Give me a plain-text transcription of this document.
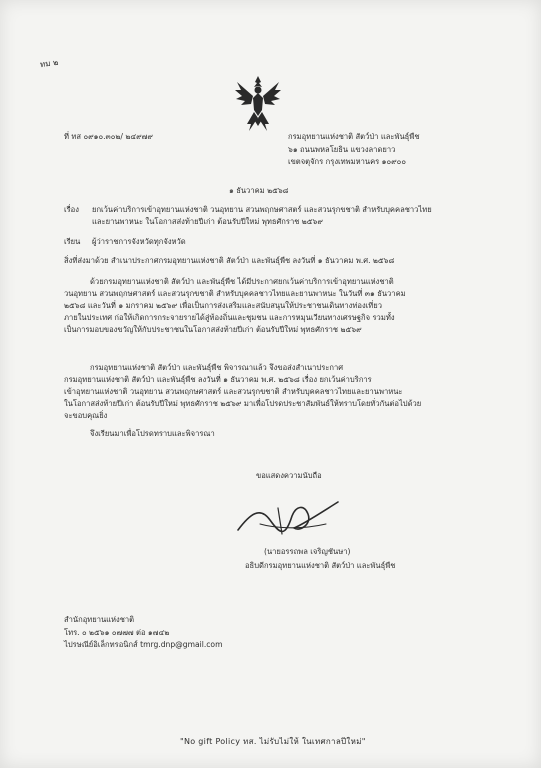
ทม ๒
ที่ ทส ๐๙๑๐.๓๐๒/ ๒๔๙๗๙	กรมอุทยานแห่งชาติ สัตว์ป่า และพันธุ์พืช
๖๑ ถนนพหลโยธิน แขวงลาดยาว
เขตจตุจักร กรุงเทพมหานคร ๑๐๙๐๐
๑ ธันวาคม ๒๕๖๘
เรื่อง ยกเว้นค่าบริการเข้าอุทยานแห่งชาติ วนอุทยาน สวนพฤกษศาสตร์ และสวนรุกขชาติ สำหรับบุคคลชาวไทย
และยานพาหนะ ในโอกาสส่งท้ายปีเก่า ต้อนรับปีใหม่ พุทธศักราช ๒๕๖๙
เรียน ผู้ว่าราชการจังหวัดทุกจังหวัด
สิ่งที่ส่งมาด้วย สำเนาประกาศกรมอุทยานแห่งชาติ สัตว์ป่า และพันธุ์พืช ลงวันที่ ๑ ธันวาคม พ.ศ. ๒๕๖๘
ด้วยกรมอุทยานแห่งชาติ สัตว์ป่า และพันธุ์พืช ได้มีประกาศยกเว้นค่าบริการเข้าอุทยานแห่งชาติ
วนอุทยาน สวนพฤกษศาสตร์ และสวนรุกขชาติ สำหรับบุคคลชาวไทยและยานพาหนะ ในวันที่ ๓๑ ธันวาคม
๒๕๖๘ และวันที่ ๑ มกราคม ๒๕๖๙ เพื่อเป็นการส่งเสริมและสนับสนุนให้ประชาชนเดินทางท่องเที่ยว
ภายในประเทศ ก่อให้เกิดการกระจายรายได้สู่ท้องถิ่นและชุมชน และการหมุนเวียนทางเศรษฐกิจ รวมทั้ง
เป็นการมอบของขวัญให้กับประชาชนในโอกาสส่งท้ายปีเก่า ต้อนรับปีใหม่ พุทธศักราช ๒๕๖๙
กรมอุทยานแห่งชาติ สัตว์ป่า และพันธุ์พืช พิจารณาแล้ว จึงขอส่งสำเนาประกาศ
กรมอุทยานแห่งชาติ สัตว์ป่า และพันธุ์พืช ลงวันที่ ๑ ธันวาคม พ.ศ. ๒๕๖๘ เรื่อง ยกเว้นค่าบริการ
เข้าอุทยานแห่งชาติ วนอุทยาน สวนพฤกษศาสตร์ และสวนรุกขชาติ สำหรับบุคคลชาวไทยและยานพาหนะ
ในโอกาสส่งท้ายปีเก่า ต้อนรับปีใหม่ พุทธศักราช ๒๕๖๙ มาเพื่อโปรดประชาสัมพันธ์ให้ทราบโดยทั่วกันต่อไปด้วย
จะขอบคุณยิ่ง
จึงเรียนมาเพื่อโปรดทราบและพิจารณา
ขอแสดงความนับถือ
(นายอรรถพล เจริญชันษา)
อธิบดีกรมอุทยานแห่งชาติ สัตว์ป่า และพันธุ์พืช
สำนักอุทยานแห่งชาติ
โทร. ๐ ๒๕๖๑ ๐๗๗๗ ต่อ ๑๗๔๒
ไปรษณีย์อิเล็กทรอนิกส์ tmrg.dnp@gmail.com
"No gift Policy ทส. ไม่รับไม่ให้ ในเทศกาลปีใหม่"
